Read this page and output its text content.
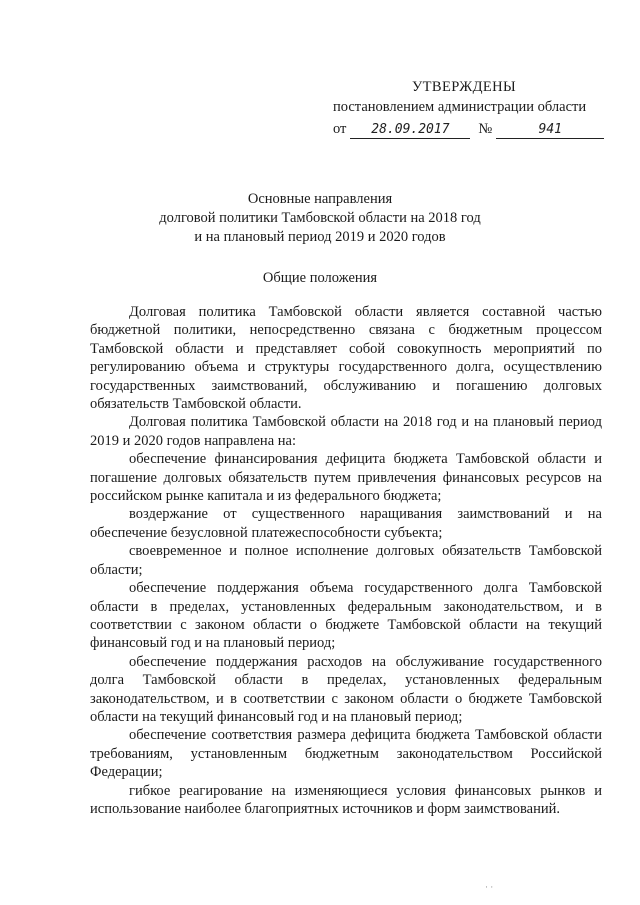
УТВЕРЖДЕНЫ
постановлением администрации области
от	28.09.2017	№	941
Основные направления
долговой политики Тамбовской области на 2018 год
и на плановый период 2019 и 2020 годов
Общие положения

Долговая политика Тамбовской области является составной частью бюджетной политики, непосредственно связана с бюджетным процессом Тамбовской области и представляет собой совокупность мероприятий по регулированию объема и структуры государственного долга, осуществлению государственных заимствований, обслуживанию и погашению долговых обязательств Тамбовской области.

Долговая политика Тамбовской области на 2018 год и на плановый период 2019 и 2020 годов направлена на:

обеспечение финансирования дефицита бюджета Тамбовской области и погашение долговых обязательств путем привлечения финансовых ресурсов на российском рынке капитала и из федерального бюджета;

воздержание от существенного наращивания заимствований и на обеспечение безусловной платежеспособности субъекта;

своевременное и полное исполнение долговых обязательств Тамбовской области;

обеспечение поддержания объема государственного долга Тамбовской области в пределах, установленных федеральным законодательством, и в соответствии с законом области о бюджете Тамбовской области на текущий финансовый год и на плановый период;

обеспечение поддержания расходов на обслуживание государственного долга Тамбовской области в пределах, установленных федеральным законодательством, и в соответствии с законом области о бюджете Тамбовской области на текущий финансовый год и на плановый период;

обеспечение соответствия размера дефицита бюджета Тамбовской области требованиям, установленным бюджетным законодательством Российской Федерации;

гибкое реагирование на изменяющиеся условия финансовых рынков и использование наиболее благоприятных источников и форм заимствований.

· ·
